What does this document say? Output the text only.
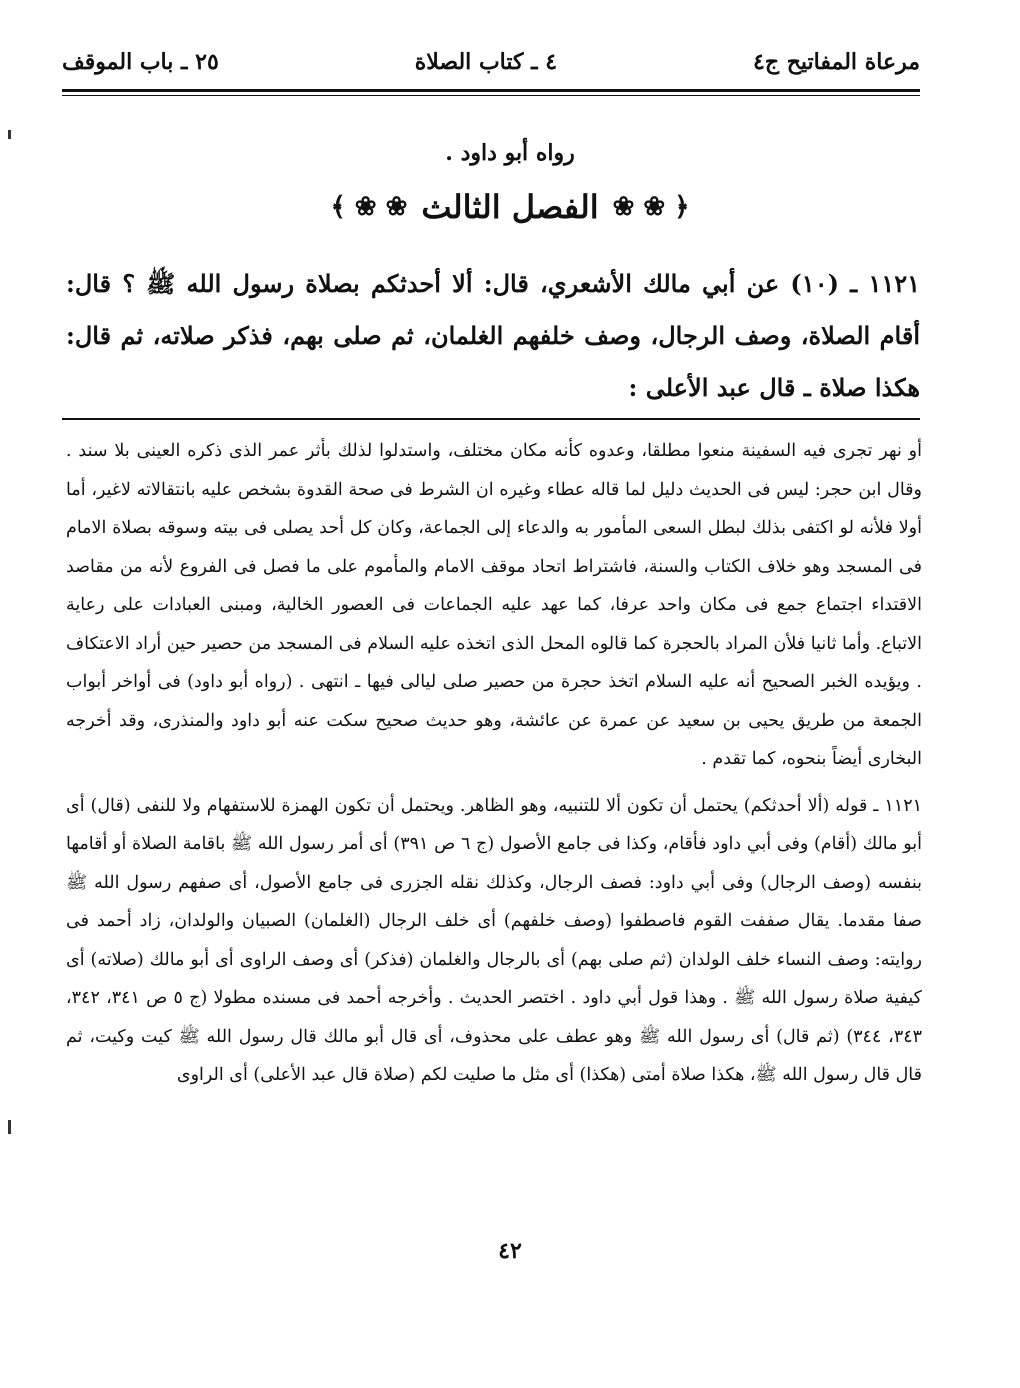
مرعاة المفاتيح ج٤
٤ ـ كتاب الصلاة
٢٥ ـ باب الموقف
رواه أبو داود .
﴿ ❀ ❀
الفصل الثالث
❀ ❀ ﴾
١١٢١ ـ (١٠) عن أبي مالك الأشعري، قال: ألا أحدثكم بصلاة رسول الله ﷺ ؟ قال: أقام الصلاة، وصف الرجال، وصف خلفهم الغلمان، ثم صلى بهم، فذكر صلاته، ثم قال: هكذا صلاة ـ قال عبد الأعلى :

أو نهر تجرى فيه السفينة منعوا مطلقا، وعدوه كأنه مكان مختلف، واستدلوا لذلك بأثر عمر الذى ذكره العينى بلا سند . وقال ابن حجر: ليس فى الحديث دليل لما قاله عطاء وغيره ان الشرط فى صحة القدوة بشخص عليه بانتقالاته لاغير، أما أولا فلأنه لو اكتفى بذلك لبطل السعى المأمور به والدعاء إلى الجماعة، وكان كل أحد يصلى فى بيته وسوقه بصلاة الامام فى المسجد وهو خلاف الكتاب والسنة، فاشتراط اتحاد موقف الامام والمأموم على ما فصل فى الفروع لأنه من مقاصد الاقتداء اجتماع جمع فى مكان واحد عرفا، كما عهد عليه الجماعات فى العصور الخالية، ومبنى العبادات على رعاية الاتباع. وأما ثانيا فلأن المراد بالحجرة كما قالوه المحل الذى اتخذه عليه السلام فى المسجد من حصير حين أراد الاعتكاف . ويؤيده الخبر الصحيح أنه عليه السلام اتخذ حجرة من حصير صلى ليالى فيها ـ انتهى . (رواه أبو داود) فى أواخر أبواب الجمعة من طريق يحيى بن سعيد عن عمرة عن عائشة، وهو حديث صحيح سكت عنه أبو داود والمنذرى، وقد أخرجه البخارى أيضاً بنحوه، كما تقدم .

١١٢١ ـ قوله (ألا أحدثكم) يحتمل أن تكون ألا للتنبيه، وهو الظاهر. ويحتمل أن تكون الهمزة للاستفهام ولا للنفى (قال) أى أبو مالك (أقام) وفى أبي داود فأقام، وكذا فى جامع الأصول (ج ٦ ص ٣٩١) أى أمر رسول الله ﷺ باقامة الصلاة أو أقامها بنفسه (وصف الرجال) وفى أبي داود: فصف الرجال، وكذلك نقله الجزرى فى جامع الأصول، أى صفهم رسول الله ﷺ صفا مقدما. يقال صففت القوم فاصطفوا (وصف خلفهم) أى خلف الرجال (الغلمان) الصبيان والولدان، زاد أحمد فى روايته: وصف النساء خلف الولدان (ثم صلى بهم) أى بالرجال والغلمان (فذكر) أى وصف الراوى أى أبو مالك (صلاته) أى كيفية صلاة رسول الله ﷺ . وهذا قول أبي داود . اختصر الحديث . وأخرجه أحمد فى مسنده مطولا (ج ٥ ص ٣٤١، ٣٤٢، ٣٤٣، ٣٤٤) (ثم قال) أى رسول الله ﷺ وهو عطف على محذوف، أى قال أبو مالك قال رسول الله ﷺ كيت وكيت، ثم قال قال رسول الله ﷺ، هكذا صلاة أمتى (هكذا) أى مثل ما صليت لكم (صلاة قال عبد الأعلى) أى الراوى

٤٢
